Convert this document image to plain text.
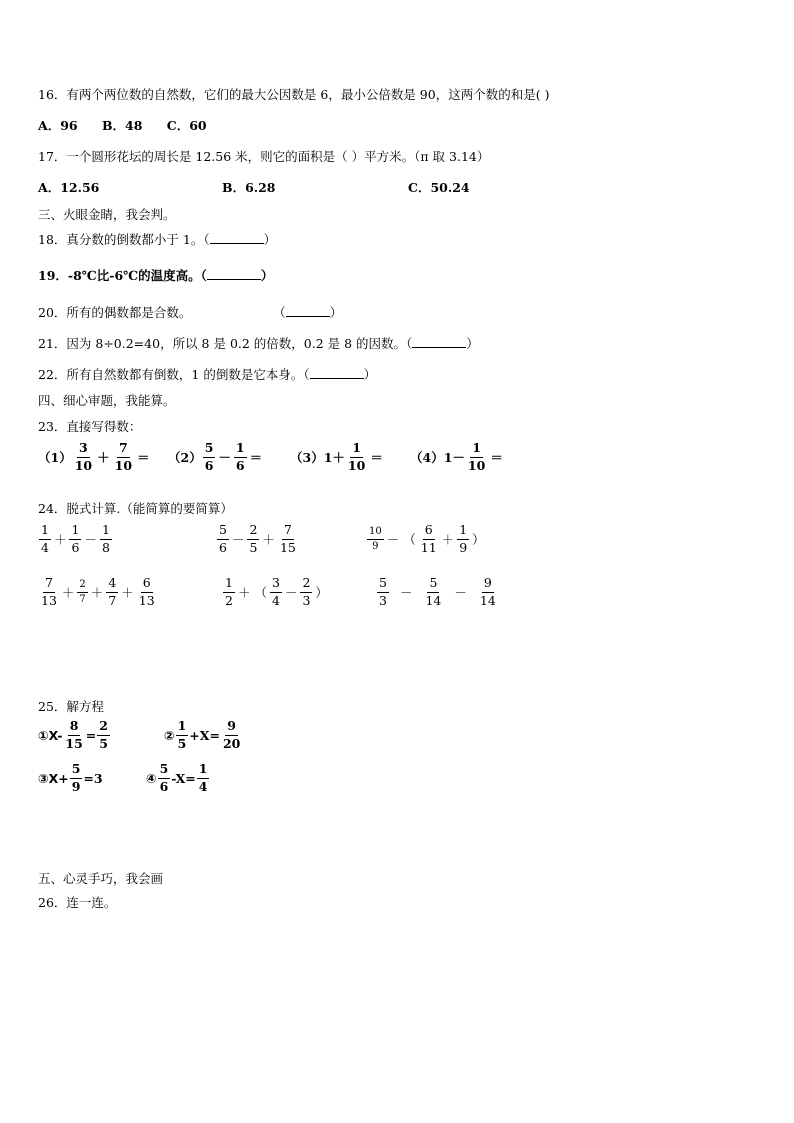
16．有两个两位数的自然数，它们的最大公因数是 6，最小公倍数是 90，这两个数的和是( )
A．96 B．48 C．60
17．一个圆形花坛的周长是 12.56 米，则它的面积是（ ）平方米。（π 取 3.14）
A．12.56	B．6.28	C．50.24
三、火眼金睛，我会判。
18．真分数的倒数都小于 1。（	）
19．-8℃比-6℃的温度高。（	）
20．所有的偶数都是合数。	（	）
21．因为 8÷0.2=40，所以 8 是 0.2 的倍数，0.2 是 8 的因数。（	）
22．所有自然数都有倒数，1 的倒数是它本身。（	）
四、细心审题，我能算。
23．直接写得数：
$(1) \frac{3}{10} + \frac{7}{10} = (2) \frac{5}{6} - \frac{1}{6} = (3)1+ \frac{1}{10} = (4)1- \frac{1}{10}$ ＝
24．脱式计算.（能简算的要简算）
$\frac{1}{4} + \frac{1}{6} - \frac{1}{8}$	$\frac{5}{6} - \frac{2}{5} + \frac{7}{15}$	$\frac{10}{9}$ － （ $\frac{6}{11} + \frac{1}{9}$ ）
$\frac{7}{13} + \frac{2}{7} + \frac{4}{7} + \frac{6}{13}$	$\frac{1}{2}$ ＋ （ $\frac{3}{4} - \frac{2}{3}$ ）	$\frac{5}{3} - \frac{5}{14} - \frac{9}{14}$
25．解方程
①X- $\frac{8}{15} = \frac{2}{5}$	② $\frac{1}{5} +X= \frac{9}{20}$
③X+ $\frac{5}{9} =3$	④ $\frac{5}{6} -X= \frac{1}{4}$
五、心灵手巧，我会画
26．连一连。
